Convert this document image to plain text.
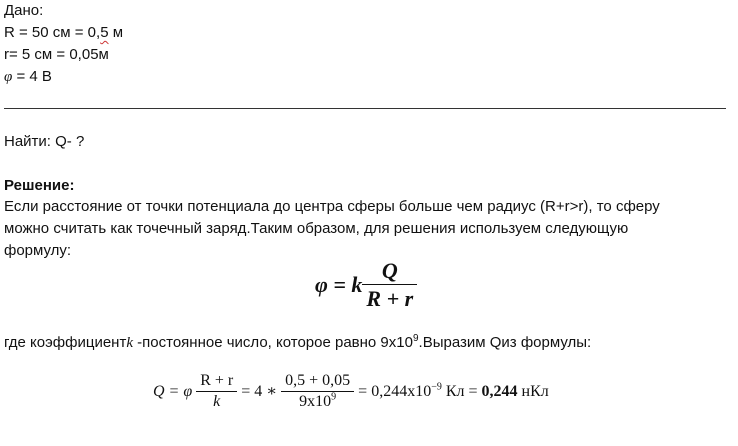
Дано:
R = 50 см = 0,5 м
r= 5 см = 0,05м
φ = 4 В
Найти: Q- ?
Решение:
Если расстояние от точки потенциала до центра сферы больше чем радиус (R+r>r), то сферу
можно считать как точечный заряд.Таким образом, для решения используем следующую
формулу:
φ = k $\frac{Q}{R + r}$
где коэффициентk -постоянное число, которое равно $9х10^9.Выразим$ Qиз формулы:
Q = φ $\frac{R + r}{k} = 4$ ∗ $\frac{0,5 + 0,05}{9x10^9} = 0,244x10^{-9}$ Кл = 0,244 нКл
